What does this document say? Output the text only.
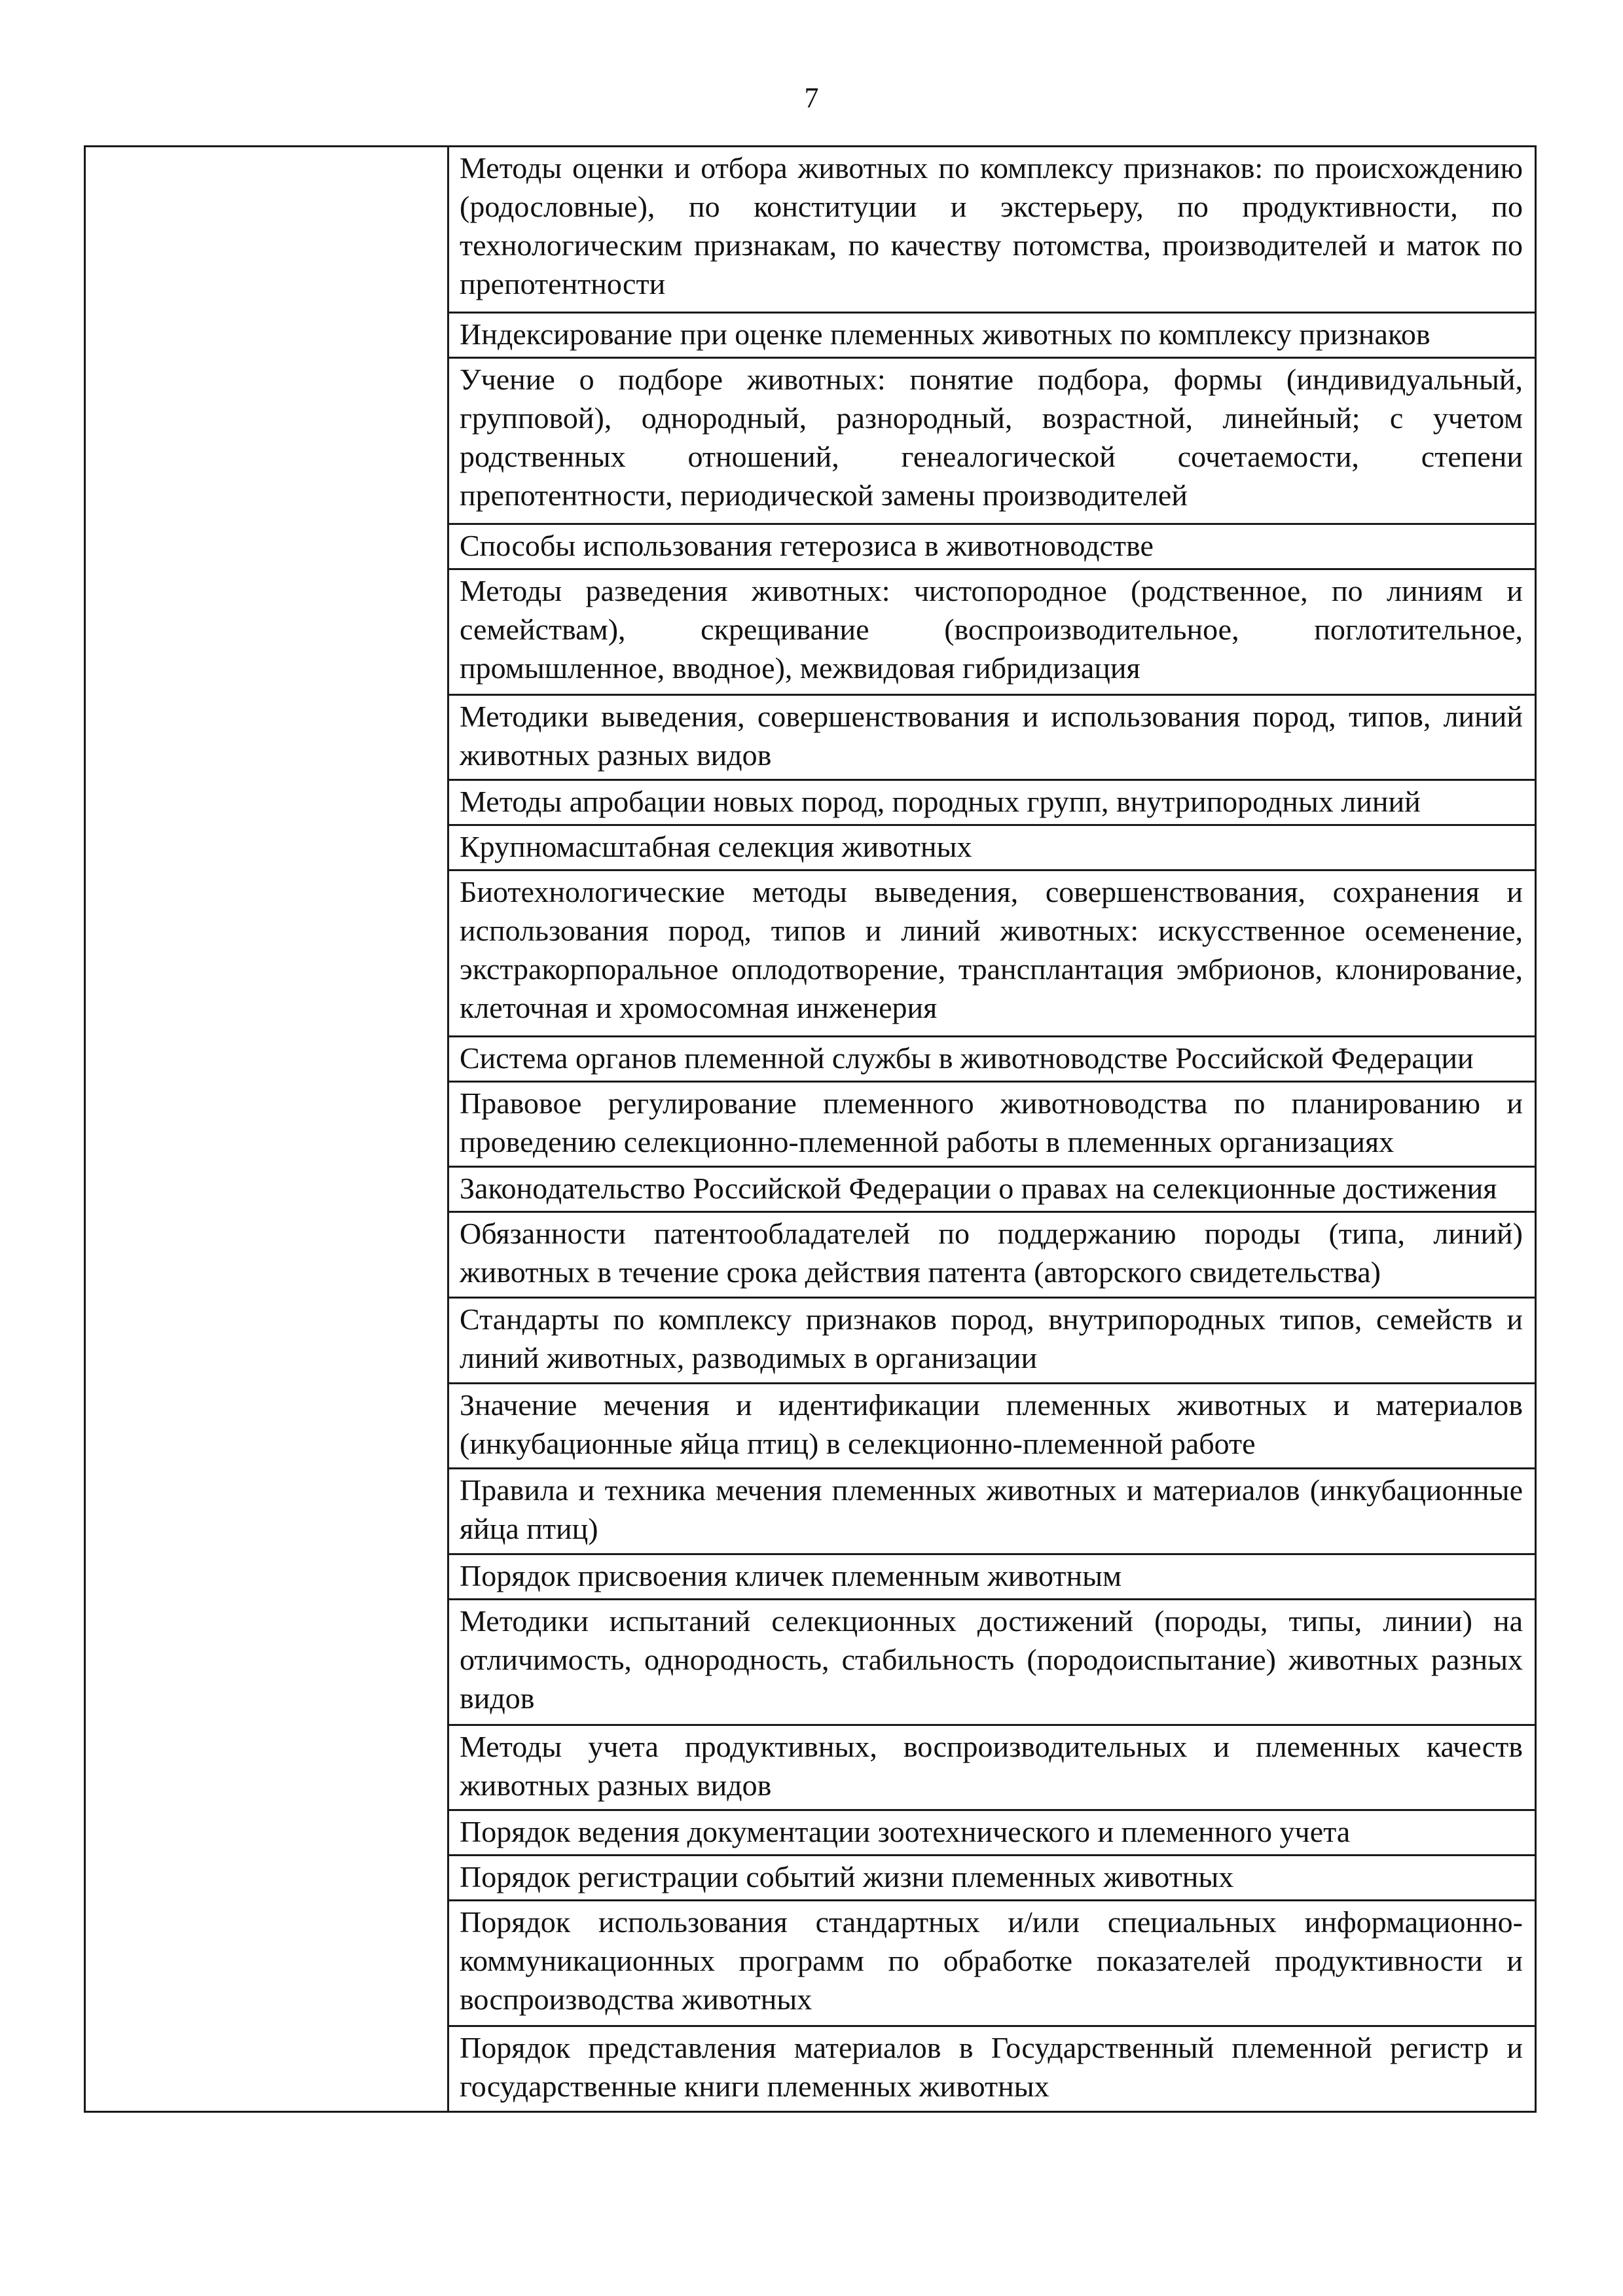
7

Методы оценки и отбора животных по комплексу признаков: по происхождению (родословные), по конституции и экстерьеру, по продуктивности, по технологическим признакам, по качеству потомства, производителей и маток по препотентности

Индексирование при оценке племенных животных по комплексу признаков

Учение о подборе животных: понятие подбора, формы (индивидуальный, групповой), однородный, разнородный, возрастной, линейный; с учетом родственных отношений, генеалогической сочетаемости, степени препотентности, периодической замены производителей

Способы использования гетерозиса в животноводстве

Методы разведения животных: чистопородное (родственное, по линиям и семействам), скрещивание (воспроизводительное, поглотительное, промышленное, вводное), межвидовая гибридизация

Методики выведения, совершенствования и использования пород, типов, линий животных разных видов

Методы апробации новых пород, породных групп, внутрипородных линий

Крупномасштабная селекция животных

Биотехнологические методы выведения, совершенствования, сохранения и использования пород, типов и линий животных: искусственное осеменение, экстракорпоральное оплодотворение, трансплантация эмбрионов, клонирование, клеточная и хромосомная инженерия

Система органов племенной службы в животноводстве Российской Федерации

Правовое регулирование племенного животноводства по планированию и проведению селекционно-племенной работы в племенных организациях

Законодательство Российской Федерации о правах на селекционные достижения

Обязанности патентообладателей по поддержанию породы (типа, линий) животных в течение срока действия патента (авторского свидетельства)

Стандарты по комплексу признаков пород, внутрипородных типов, семейств и линий животных, разводимых в организации

Значение мечения и идентификации племенных животных и материалов (инкубационные яйца птиц) в селекционно-племенной работе

Правила и техника мечения племенных животных и материалов (инкубационные яйца птиц)

Порядок присвоения кличек племенным животным

Методики испытаний селекционных достижений (породы, типы, линии) на отличимость, однородность, стабильность (породоиспытание) животных разных видов

Методы учета продуктивных, воспроизводительных и племенных качеств животных разных видов

Порядок ведения документации зоотехнического и племенного учета

Порядок регистрации событий жизни племенных животных

Порядок использования стандартных и/или специальных информационно-коммуникационных программ по обработке показателей продуктивности и воспроизводства животных

Порядок представления материалов в Государственный племенной регистр и государственные книги племенных животных
